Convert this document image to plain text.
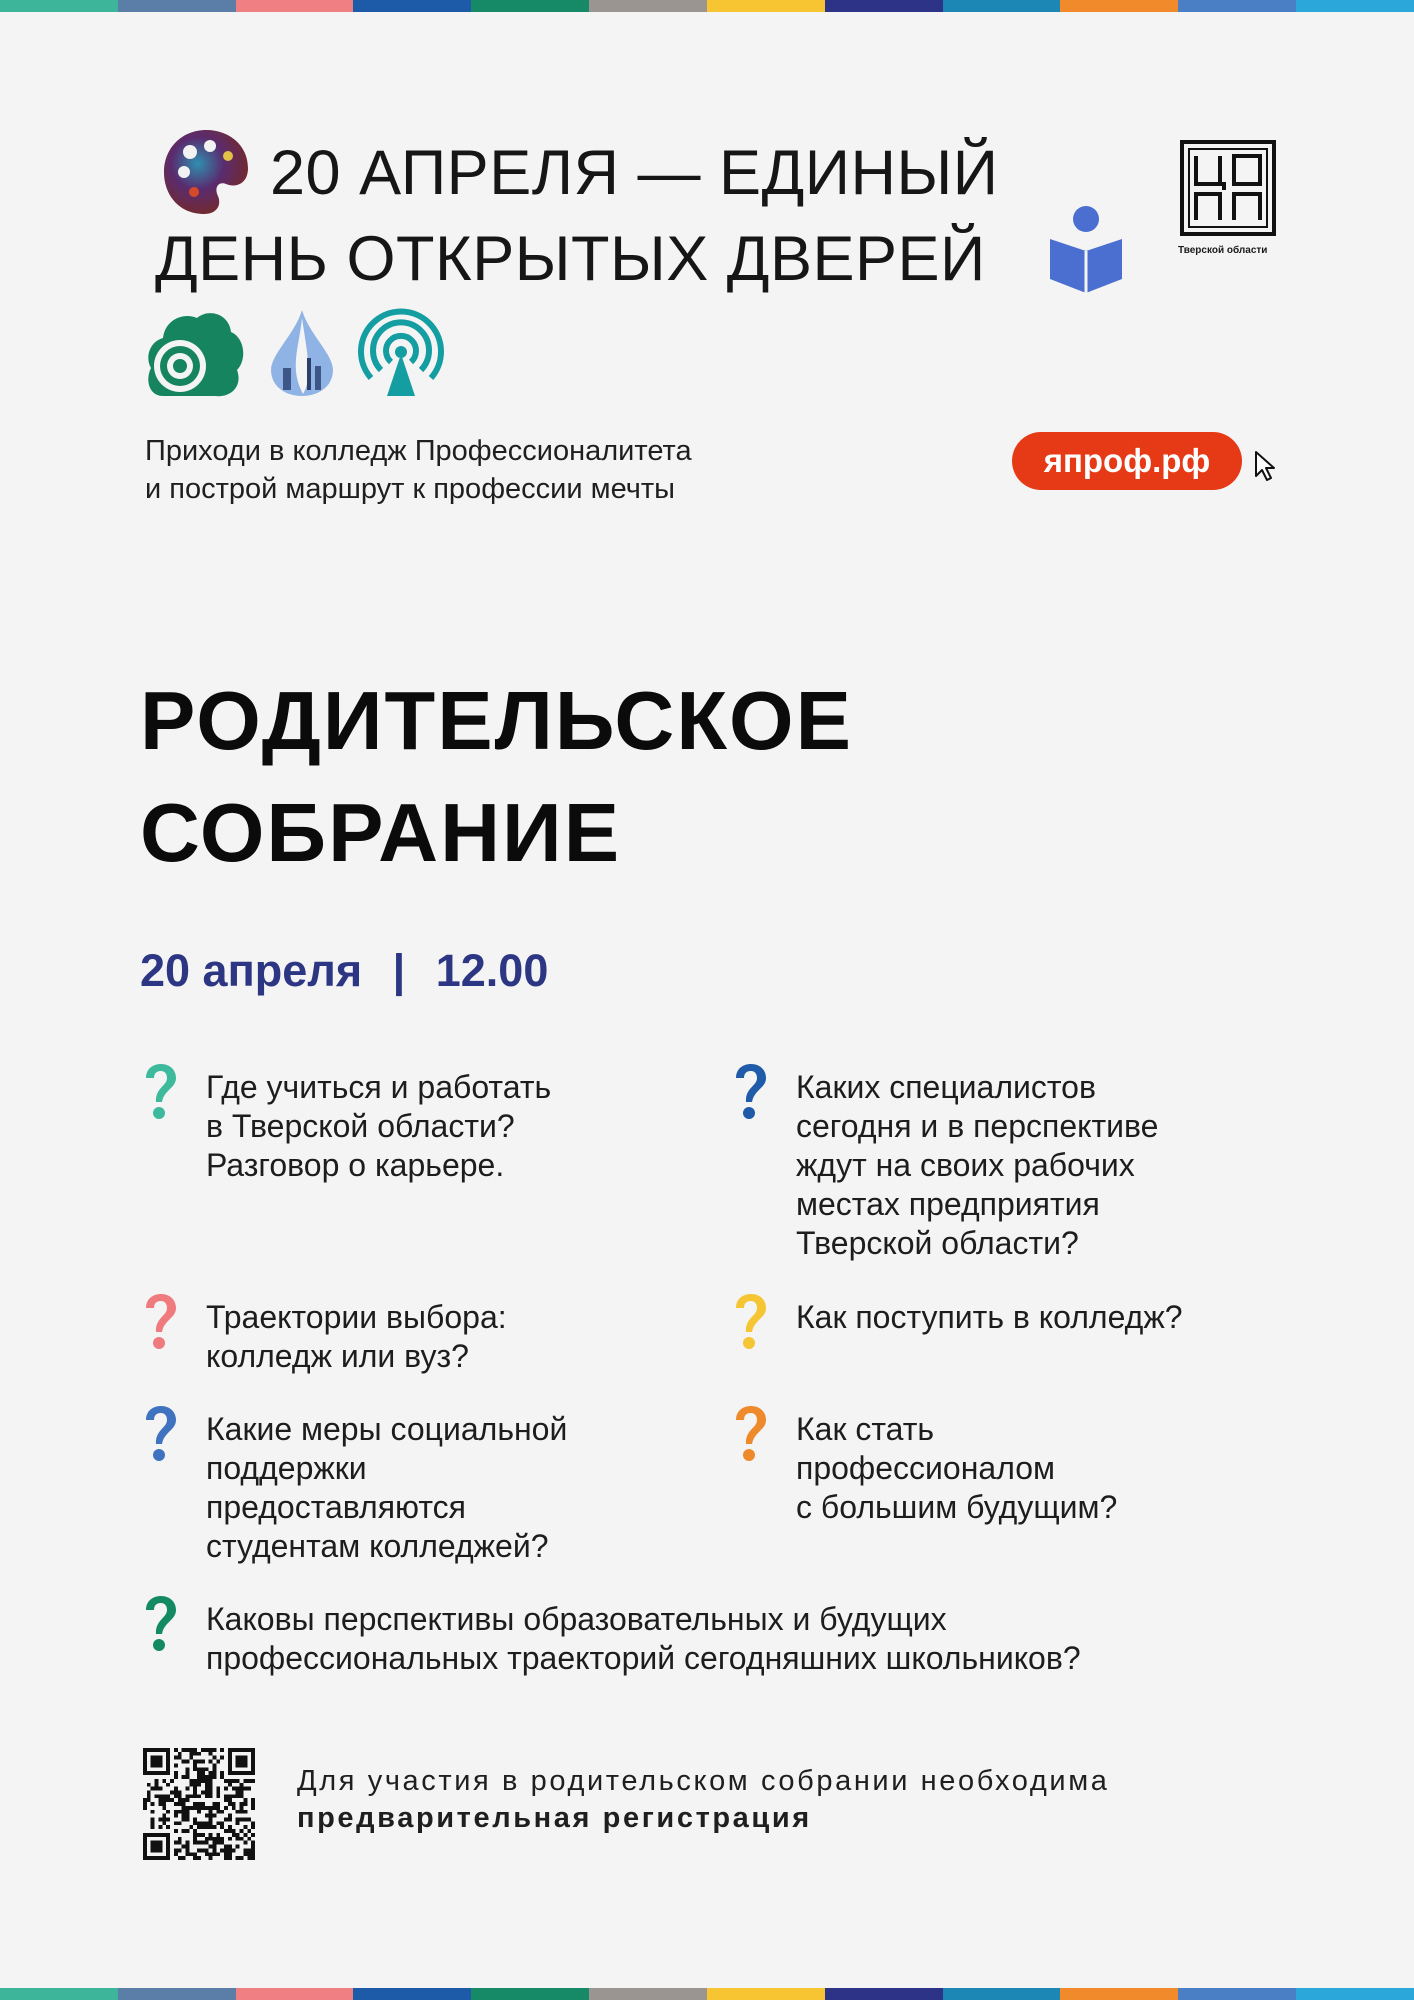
20 АПРЕЛЯ — ЕДИНЫЙ
ДЕНЬ ОТКРЫТЫХ ДВЕРЕЙ	Тверской области
Приходи в колледж Профессионалитета
и построй маршрут к профессии мечты
япроф.рф
РОДИТЕЛЬСКОЕ
СОБРАНИЕ
20 апреля | 12.00
Где учиться и работать
в Тверской области?
Разговор о карьере.
Каких специалистов
сегодня и в перспективе
ждут на своих рабочих
местах предприятия
Тверской области?
Траектории выбора:
колледж или вуз?
Как поступить в колледж?
Какие меры социальной
поддержки
предоставляются
студентам колледжей?
Как стать
профессионалом
с большим будущим?
Каковы перспективы образовательных и будущих
профессиональных траекторий сегодняшних школьников?
Для участия в родительском собрании необходима
предварительная регистрация
